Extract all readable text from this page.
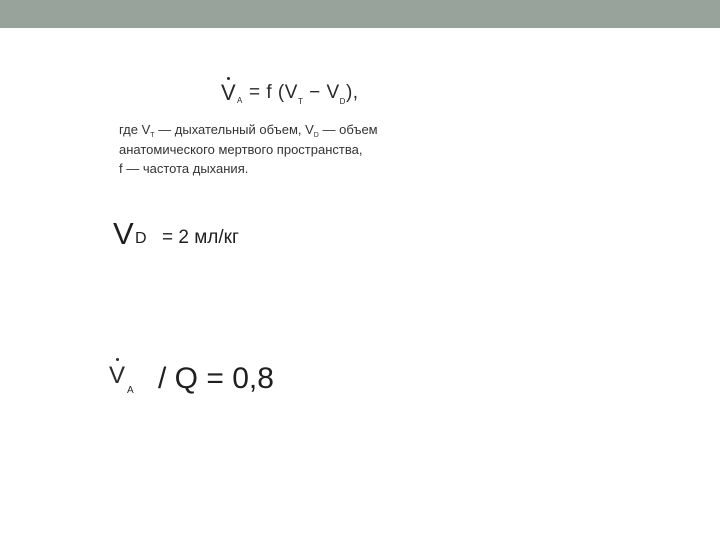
V A = f $(V_T - V_D)$,
где $V_T$ — дыхательный объем, $V_D$ — объем
анатомического мертвого пространства,
f — частота дыхания.
V D = 2 мл/кг
V
A / Q = 0,8
